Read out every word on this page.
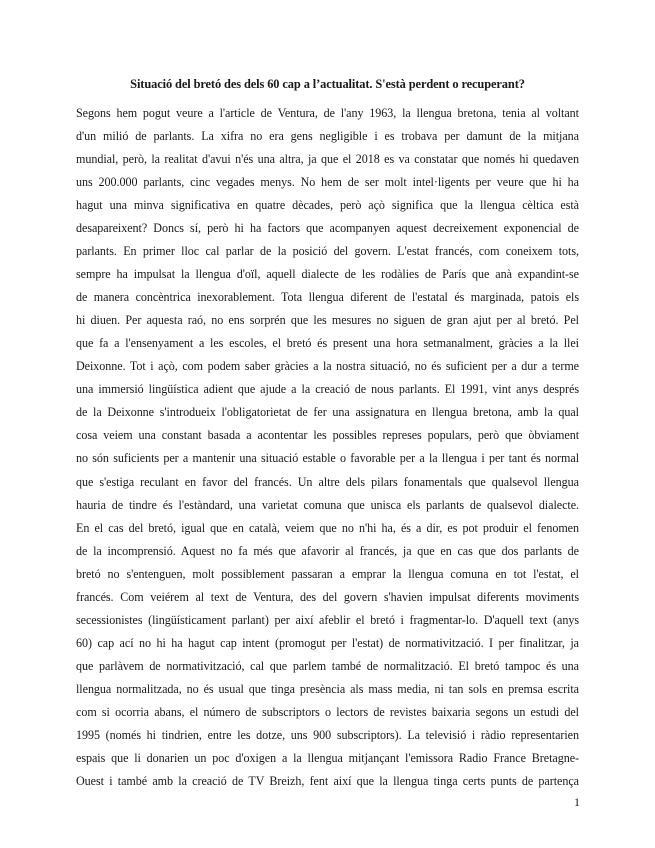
Situació del bretó des dels 60 cap a l’actualitat. S'està perdent o recuperant?
Segons hem pogut veure a l'article de Ventura, de l'any 1963, la llengua bretona, tenia al voltant
d'un milió de parlants. La xifra no era gens negligible i es trobava per damunt de la mitjana
mundial, però, la realitat d'avui n'és una altra, ja que el 2018 es va constatar que només hi quedaven
uns 200.000 parlants, cinc vegades menys. No hem de ser molt intel·ligents per veure que hi ha
hagut una minva significativa en quatre dècades, però açò significa que la llengua cèltica està
desapareixent? Doncs sí, però hi ha factors que acompanyen aquest decreixement exponencial de
parlants. En primer lloc cal parlar de la posició del govern. L'estat francés, com coneixem tots,
sempre ha impulsat la llengua d'oïl, aquell dialecte de les rodàlies de París que anà expandint-se
de manera concèntrica inexorablement. Tota llengua diferent de l'estatal és marginada, patois els
hi diuen. Per aquesta raó, no ens sorprén que les mesures no siguen de gran ajut per al bretó. Pel
que fa a l'ensenyament a les escoles, el bretó és present una hora setmanalment, gràcies a la llei
Deixonne. Tot i açò, com podem saber gràcies a la nostra situació, no és suficient per a dur a terme
una immersió lingüística adient que ajude a la creació de nous parlants. El 1991, vint anys després
de la Deixonne s'introdueix l'obligatorietat de fer una assignatura en llengua bretona, amb la qual
cosa veiem una constant basada a acontentar les possibles represes populars, però que òbviament
no són suficients per a mantenir una situació estable o favorable per a la llengua i per tant és normal
que s'estiga reculant en favor del francés. Un altre dels pilars fonamentals que qualsevol llengua
hauria de tindre és l'estàndard, una varietat comuna que unisca els parlants de qualsevol dialecte.
En el cas del bretó, igual que en català, veiem que no n'hi ha, és a dir, es pot produir el fenomen
de la incomprensió. Aquest no fa més que afavorir al francés, ja que en cas que dos parlants de
bretó no s'entenguen, molt possiblement passaran a emprar la llengua comuna en tot l'estat, el
francés. Com veiérem al text de Ventura, des del govern s'havien impulsat diferents moviments
secessionistes (lingüísticament parlant) per així afeblir el bretó i fragmentar-lo. D'aquell text (anys
60) cap ací no hi ha hagut cap intent (promogut per l'estat) de normativització. I per finalitzar, ja
que parlàvem de normativització, cal que parlem també de normalització. El bretó tampoc és una
llengua normalitzada, no és usual que tinga presència als mass media, ni tan sols en premsa escrita
com si ocorria abans, el número de subscriptors o lectors de revistes baixaria segons un estudi del
1995 (només hi tindrien, entre les dotze, uns 900 subscriptors). La televisió i ràdio representarien
espais que li donarien un poc d'oxigen a la llengua mitjançant l'emissora Radio France Bretagne-
Ouest i també amb la creació de TV Breizh, fent així que la llengua tinga certs punts de partença
1
